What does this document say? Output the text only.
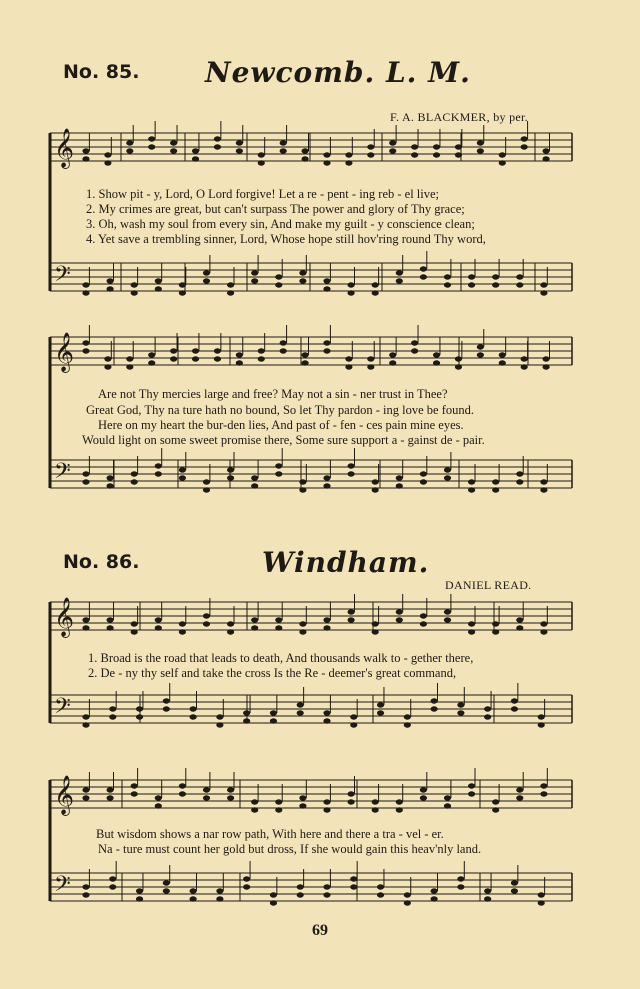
No. 85. Newcomb. L. M.
F. A. BLACKMER, by per.
No. 86.	Windham.
DANIEL READ.
𝄞
𝄢
𝄞
𝄢
𝄞
𝄢
𝄞
𝄢
1. Show pit - y, Lord, O Lord forgive! Let a re - pent - ing reb - el live;
2. My crimes are great, but can't surpass The power and glory of Thy grace;
3. Oh, wash my soul from every sin, And make my guilt - y conscience clean;
4. Yet save a trembling sinner, Lord, Whose hope still hov'ring round Thy word,
Are not Thy mercies large and free? May not a sin - ner trust in Thee?
Great God, Thy na ture hath no bound, So let Thy pardon - ing love be found.
Here on my heart the bur-den lies, And past of - fen - ces pain mine eyes.
Would light on some sweet promise there, Some sure support a - gainst de - pair.
1. Broad is the road that leads to death, And thousands walk to - gether there,
2. De - ny thy self and take the cross Is the Re - deemer's great command,
But wisdom shows a nar row path, With here and there a tra - vel - er.
Na - ture must count her gold but dross, If she would gain this heav'nly land.
69
